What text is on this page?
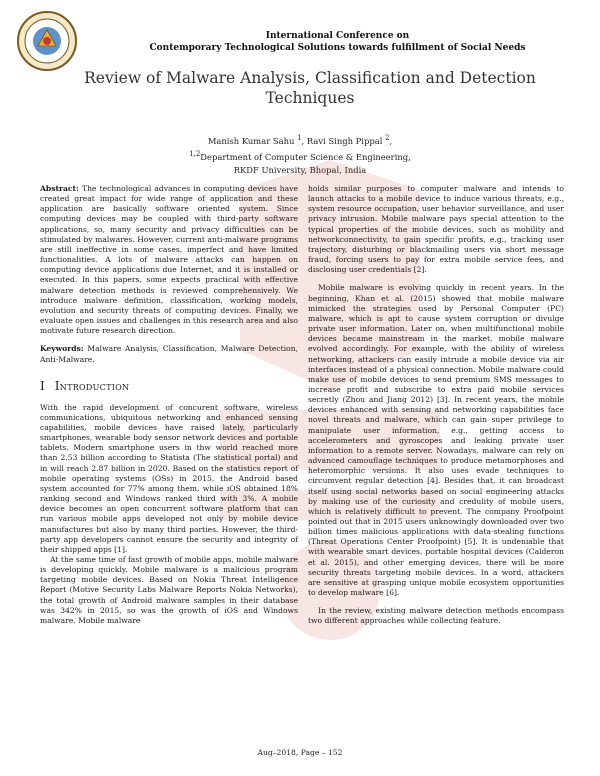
International Conference on
Contemporary Technological Solutions towards fulfillment of Social Needs
Review of Malware Analysis, Classification and Detection Techniques
Manish Kumar Sahu $^1$, Ravi Singh Pippal $^2$,
$^{1,2}$Department of Computer Science & Engineering,
RKDF University, Bhopal, India

Abstract: The technological advances in computing devices have created great impact for wide range of application and these application are basically software oriented system. Since computing devices may be coupled with third-party software applications, so, many security and privacy difficulties can be stimulated by malwares. However, current anti-malware programs are still ineffective in some cases, imperfect and have limited functionalities. A lots of malware attacks can happen on computing device applications due Internet, and it is installed or executed. In this papers, some expects practical with effective malware detection methods is reviewed comprehensively. We introduce malware definition, classification, working models, evolution and security threats of computing devices. Finally, we evaluate open issues and challenges in this research area and also motivate future research direction.

Keywords: Malware Analysis, Classification, Malware Detection, Anti-Malware.

I Introduction

With the rapid development of concurent software, wireless communications, ubiquitous networking and enhanced sensing capabilities, mobile devices have raised lately, particularly smartphones, wearable body sensor network devices and portable tablets. Modern smartphone users in thw world reached more than 2.53 billion according to Statista (The statistical portal) and in will reach 2.87 billion in 2020. Based on the statistics report of mobile operating systems (OSs) in 2015, the Android based system accounted for 77% among them, while iOS obtained 18% ranking second and Windows ranked third with 3%. A mobile device becomes an open concurrent software platform that can run various mobile apps developed not only by mobile device manufactures but also by many third parties. However, the third-party app developers cannot ensure the security and integrity of their shipped apps [1].

At the same time of fast growth of mobile apps, mobile malware is developing quickly. Mobile malware is a malicious program targeting mobile devices. Based on Nokia Threat Intelligence Report (Motive Security Labs Malware Reports Nokia Networks), the total growth of Android malware samples in their database was 342% in 2015, so was the growth of iOS and Windows malware. Mobile malware

holds similar purposes to computer malware and intends to launch attacks to a mobile device to induce various threats, e.g., system resource occupation, user behavior surveillance, and user privacy intrusion. Mobile malware pays special attention to the typical properties of the mobile devices, such as mobility and networkconnectivity, to gain specific profits, e.g., tracking user trajectory, disturbing or blackmailing users via short message fraud, forcing users to pay for extra mobile service fees, and disclosing user credentials [2].

Mobile malware is evolving quickly in recent years. In the beginning, Khan et al. (2015) showed that mobile malware mimicked the strategies used by Personal Computer (PC) malware, which is apt to cause system corruption or divulge private user information. Later on, when multifunctional mobile devices became mainstream in the market, mobile malware evolved accordingly. For example, with the ability of wireless networking, attackers can easily intrude a mobile device via air interfaces instead of a physical connection. Mobile malware could make use of mobile devices to send premium SMS messages to increase profit and subscribe to extra paid mobile services secretly (Zhou and Jiang 2012) [3]. In recent years, the mobile devices enhanced with sensing and networking capabilities face novel threats and malware, which can gain super privilege to manipulate user information, e.g., getting access to accelerometers and gyroscopes and leaking private user information to a remote server. Nowadays, malware can rely on advanced camouflage techniques to produce metamorphoses and heteromorphic versions. It also uses evade techniques to circumvent regular detection [4]. Besides that, it can broadcast itself using social networks based on social engineering attacks by making use of the curiosity and credulity of mobile users, which is relatively difficult to prevent. The company Proofpoint pointed out that in 2015 users unknowingly downloaded over two billion times malicious applications with data-stealing functions (Threat Operations Center Proofpoint) [5]. It is undeniable that with wearable smart devices, portable hospital devices (Calderon et al. 2015), and other emerging devices, there will be more security threats targeting mobile devices. In a word, attackers are sensitive at grasping unique mobile ecosystem opportunities to develop malware [6].

In the review, existing malware detection methods encompass two different approaches while collecting feature.

Aug–2018, Page – 152
